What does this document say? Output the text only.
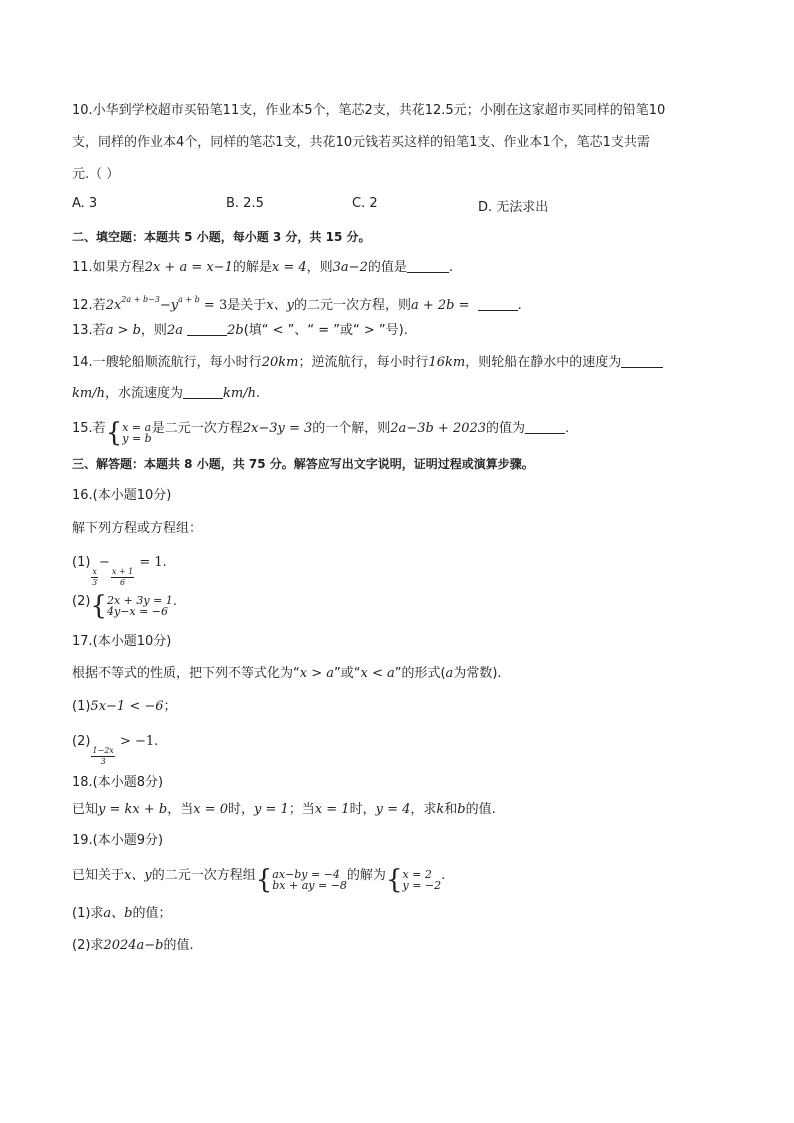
10.小华到学校超市买铅笔11支，作业本5个，笔芯2支，共花12.5元；小刚在这家超市买同样的铅笔10
支，同样的作业本4个，同样的笔芯1支，共花10元钱若买这样的铅笔1支、作业本1个，笔芯1支共需
元.（ ）
A. 3	B. 2.5	C. 2	D. 无法求出
二、填空题：本题共 5 小题，每小题 3 分，共 15 分。
11.如果方程2x + a = x−1的解是x = 4，则3a−2的值是	.
12.若$2x^{2a + b-3}-y^{a + b} = 3$是关于x、y的二元一次方程，则a + 2b =	.
13.若a > b，则2a	2b(填“ < ”、“ = ”或“ > ”号).
14.一艘轮船顺流航行，每小时行20km；逆流航行，每小时行16km，则轮船在静水中的速度为
km/h，水流速度为	km/h.
15.若 { x = a
y = b
是二元一次方程2x−3y = 3的一个解，则2a−3b + 2023的值为	.
三、解答题：本题共 8 小题，共 75 分。解答应写出文字说明，证明过程或演算步骤。
16.(本小题10分)
解下列方程或方程组：
(1)
$\frac{x}{3}$
−
$\frac{x + 1}{6}$
= 1.
(2) { 2x + 3y = 1
4y−x = −6
.
17.(本小题10分)
根据不等式的性质，把下列不等式化为“x > a”或“x < a”的形式(a为常数).
(1)5x−1 < −6；
(2)
$\frac{1-2x}{3}$
> −1.
18.(本小题8分)
已知y = kx + b，当x = 0时，y = 1；当x = 1时，y = 4，求k和b的值.
19.(本小题9分)
已知关于x、y的二元一次方程组 { ax−by = −4
bx + ay = −8
的解为 { x = 2
y = −2
.
(1)求a、b的值；
(2)求2024a−b的值.
